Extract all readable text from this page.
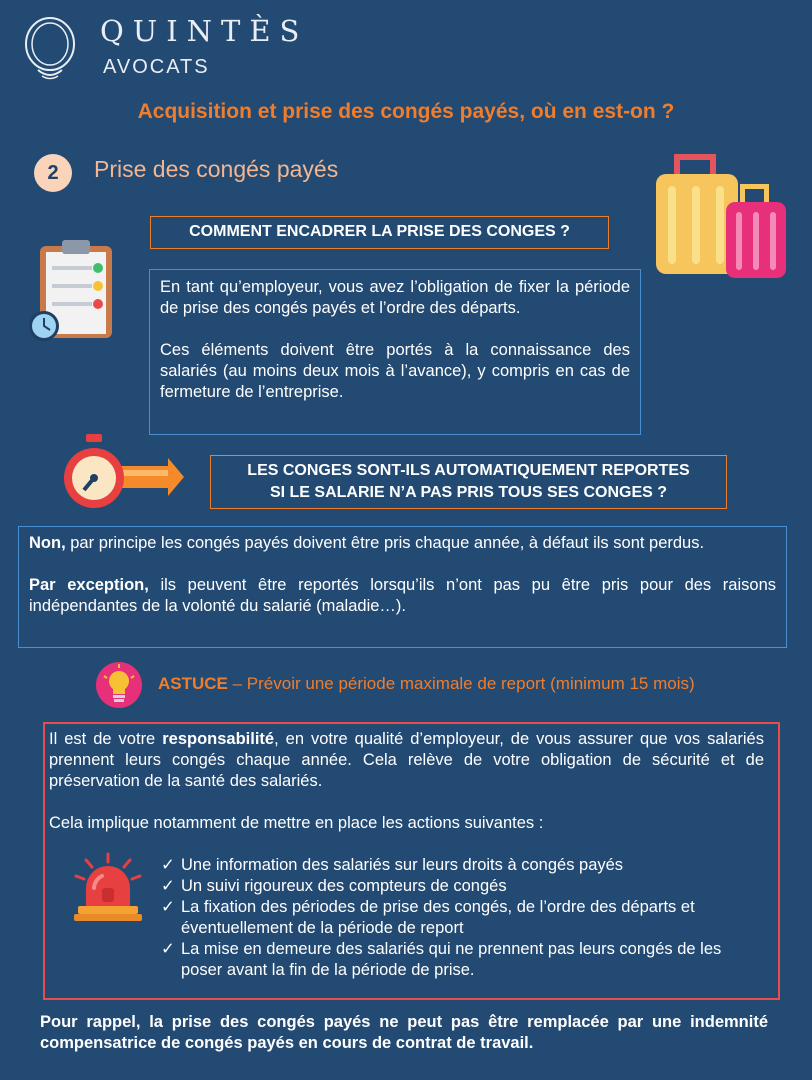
QUINTÈS
AVOCATS
Acquisition et prise des congés payés, où en est-on ?
2	Prise des congés payés
COMMENT ENCADRER LA PRISE DES CONGES ?

En tant qu’employeur, vous avez l’obligation de fixer la période de prise des congés payés et l’ordre des départs.

Ces éléments doivent être portés à la connaissance des salariés (au moins deux mois à l’avance), y compris en cas de fermeture de l’entreprise.

LES CONGES SONT-ILS AUTOMATIQUEMENT REPORTES
SI LE SALARIE N’A PAS PRIS TOUS SES CONGES ?

Non, par principe les congés payés doivent être pris chaque année, à défaut ils sont perdus.

Par exception, ils peuvent être reportés lorsqu’ils n’ont pas pu être pris pour des raisons indépendantes de la volonté du salarié (maladie…).

ASTUCE – Prévoir une période maximale de report (minimum 15 mois)

Il est de votre responsabilité, en votre qualité d’employeur, de vous assurer que vos salariés prennent leurs congés chaque année. Cela relève de votre obligation de sécurité et de préservation de la santé des salariés.

Cela implique notamment de mettre en place les actions suivantes :

✓ Une information des salariés sur leurs droits à congés payés
✓ Un suivi rigoureux des compteurs de congés
✓ La fixation des périodes de prise des congés, de l’ordre des départs et éventuellement de la période de report
✓ La mise en demeure des salariés qui ne prennent pas leurs congés de les poser avant la fin de la période de prise.
Pour rappel, la prise des congés payés ne peut pas être remplacée par une indemnité compensatrice de congés payés en cours de contrat de travail.
